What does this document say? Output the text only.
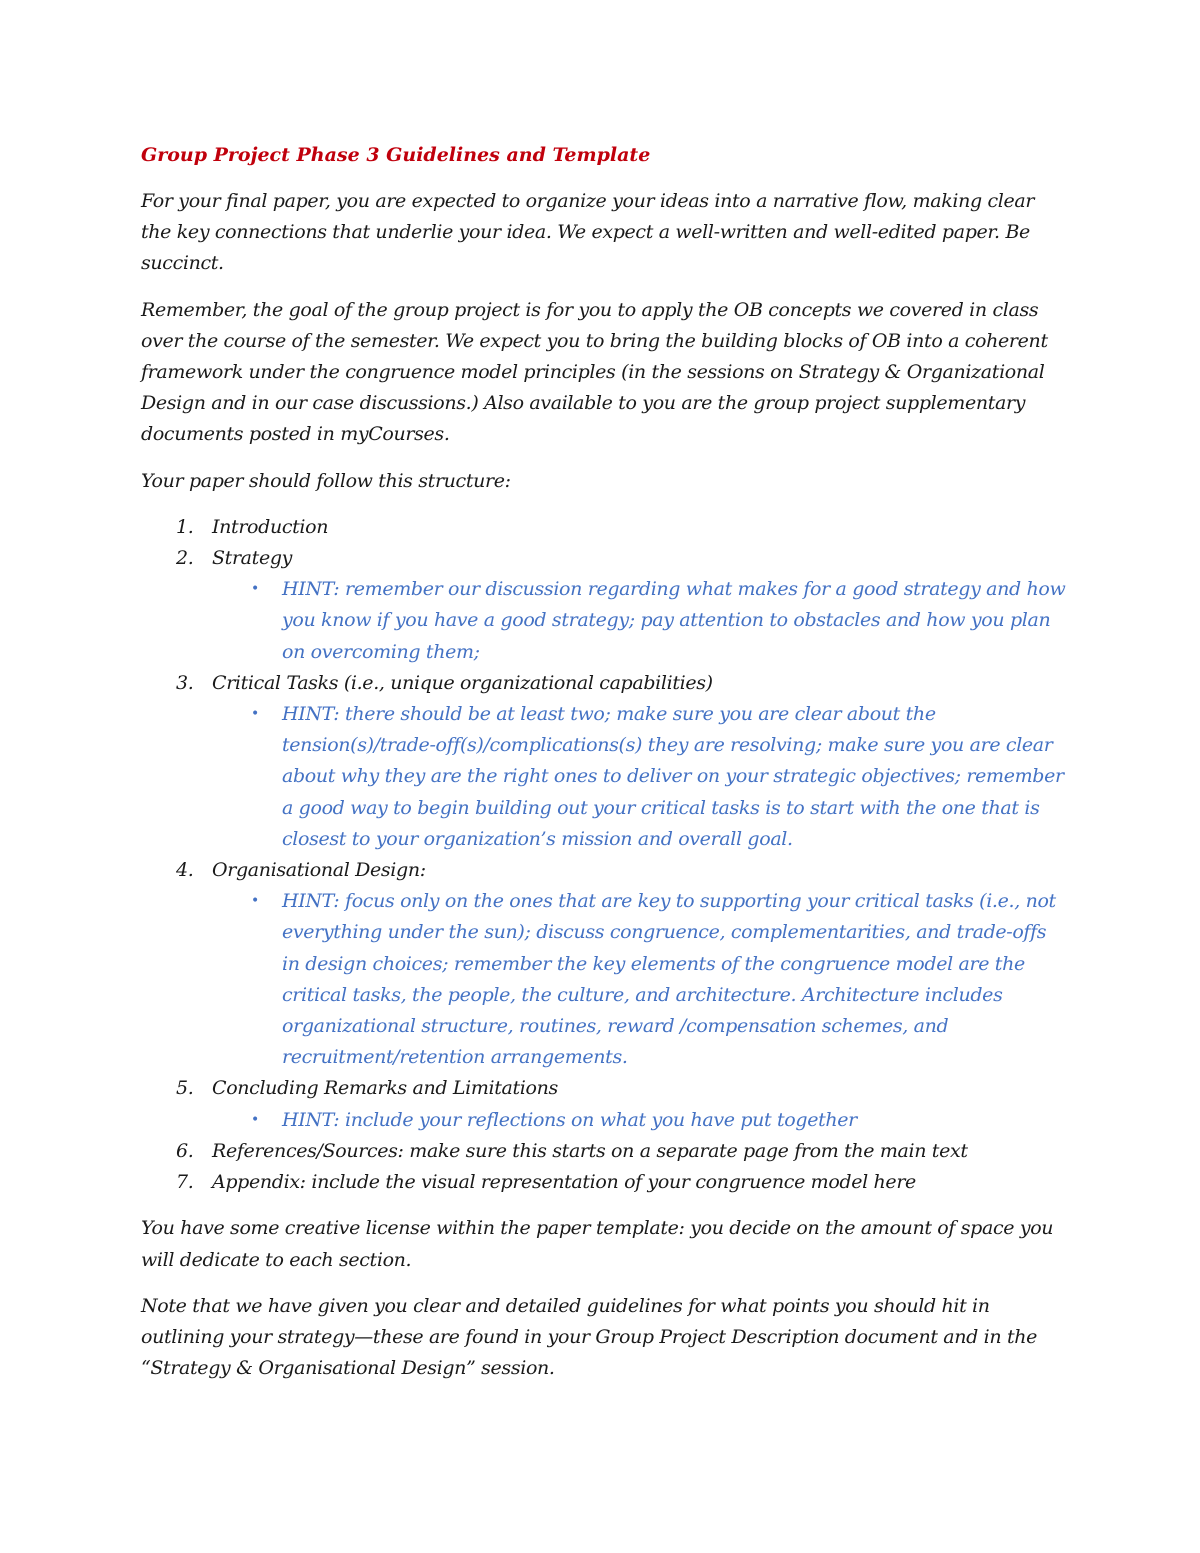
Group Project Phase 3 Guidelines and Template

For your final paper, you are expected to organize your ideas into a narrative flow, making clear the key connections that underlie your idea. We expect a well-written and well-edited paper. Be succinct.

Remember, the goal of the group project is for you to apply the OB concepts we covered in class over the course of the semester. We expect you to bring the building blocks of OB into a coherent framework under the congruence model principles (in the sessions on Strategy & Organizational Design and in our case discussions.) Also available to you are the group project supplementary documents posted in myCourses.

Your paper should follow this structure:

1. Introduction
2. Strategy
• HINT: remember our discussion regarding what makes for a good strategy and how you know if you have a good strategy; pay attention to obstacles and how you plan on overcoming them;
3. Critical Tasks (i.e., unique organizational capabilities)
• HINT: there should be at least two; make sure you are clear about the tension(s)/trade-off(s)/complications(s) they are resolving; make sure you are clear about why they are the right ones to deliver on your strategic objectives; remember a good way to begin building out your critical tasks is to start with the one that is closest to your organization’s mission and overall goal.
4. Organisational Design:
• HINT: focus only on the ones that are key to supporting your critical tasks (i.e., not everything under the sun); discuss congruence, complementarities, and trade-offs in design choices; remember the key elements of the congruence model are the critical tasks, the people, the culture, and architecture. Architecture includes organizational structure, routines, reward /compensation schemes, and recruitment/retention arrangements.
5. Concluding Remarks and Limitations
• HINT: include your reflections on what you have put together
6. References/Sources: make sure this starts on a separate page from the main text
7. Appendix: include the visual representation of your congruence model here

You have some creative license within the paper template: you decide on the amount of space you will dedicate to each section.

Note that we have given you clear and detailed guidelines for what points you should hit in outlining your strategy—these are found in your Group Project Description document and in the “Strategy & Organisational Design” session.
